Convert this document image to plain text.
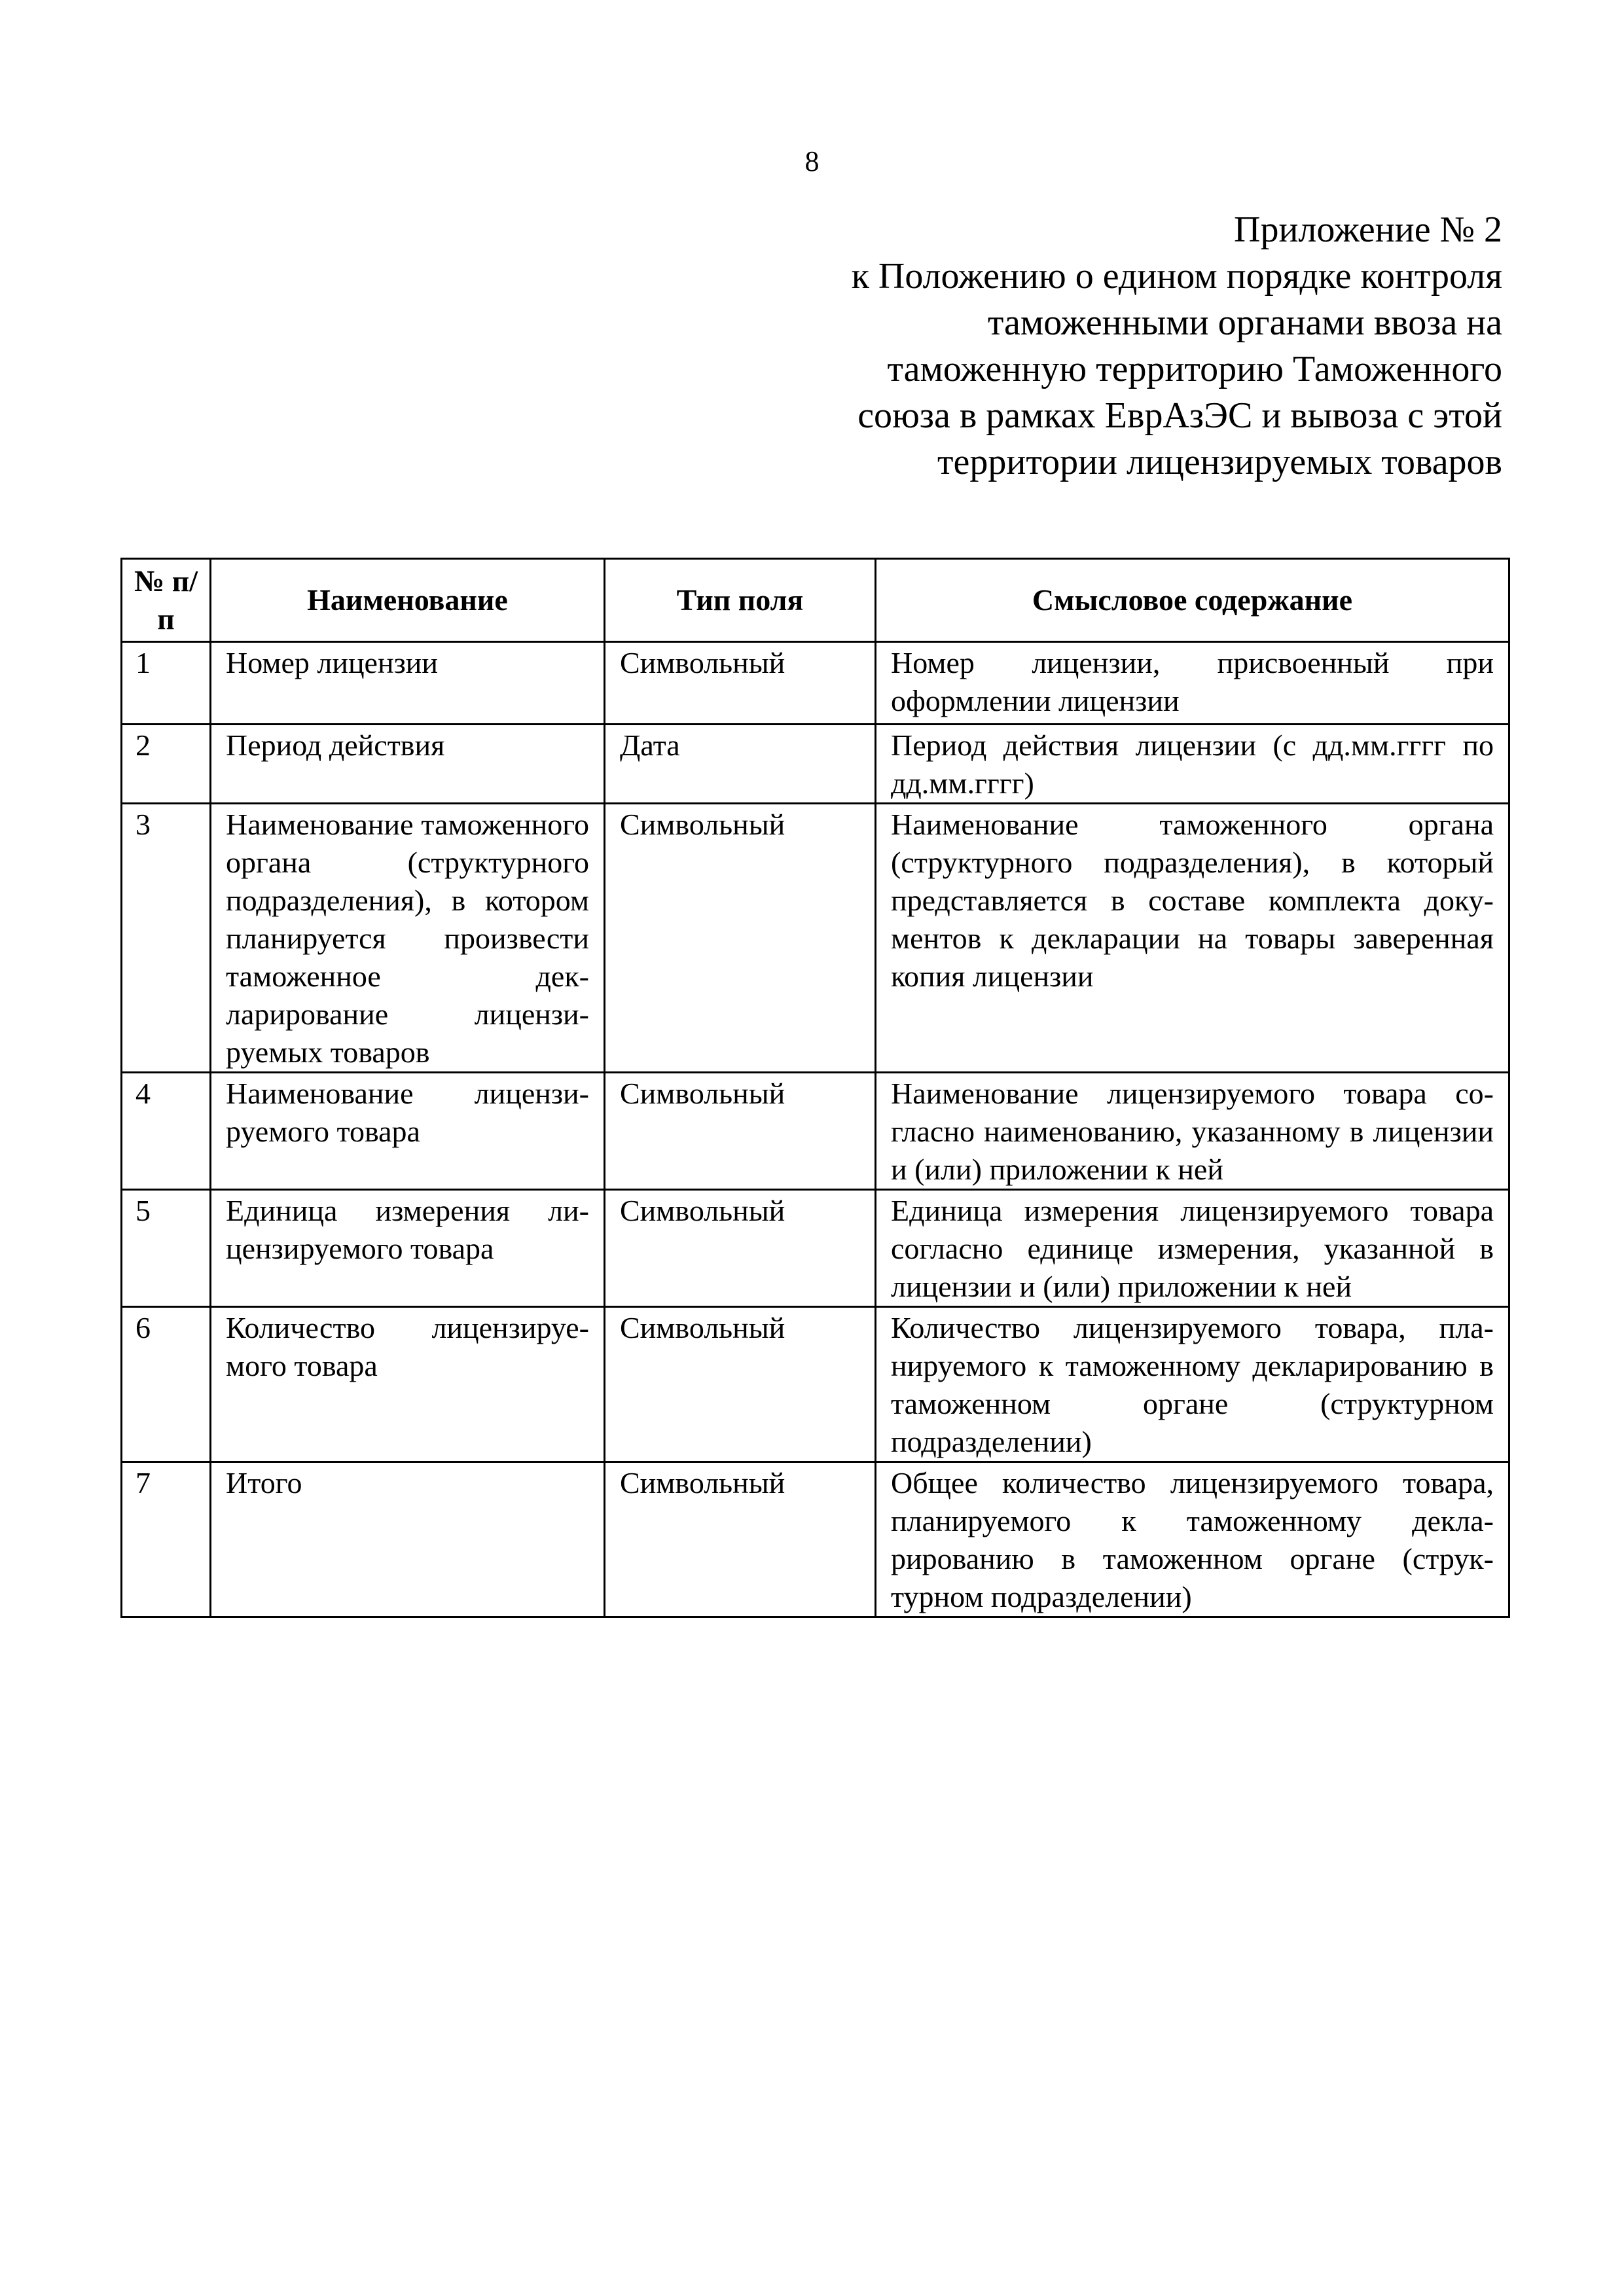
8
Приложение № 2
к Положению о едином порядке контроля
таможенными органами ввоза на
таможенную территорию Таможенного
союза в рамках ЕврАзЭС и вывоза с этой
территории лицензируемых товаров
№ п/п	Наименование	Тип поля	Смысловое содержание
1	Номер лицензии	Символьный	Номер лицензии, присвоенный при оформлении лицензии
2	Период действия	Дата	Период действия лицензии (с дд.мм.гггг по дд.мм.гггг)
3	Наименование таможенного органа (структурного подразделения), в котором планируется произвести таможенное декларирование лицензируемых товаров	Символьный	Наименование таможенного органа (структурного подразделения), в который представляется в составе комплекта документов к декларации на товары заверенная копия лицензии
4	Наименование лицензируемого товара	Символьный	Наименование лицензируемого товара согласно наименованию, указанному в лицензии и (или) приложении к ней
5	Единица измерения лицензируемого товара	Символьный	Единица измерения лицензируемого товара согласно единице измерения, указанной в лицензии и (или) приложении к ней
6	Количество лицензируемого товара	Символьный	Количество лицензируемого товара, планируемого к таможенному декларированию в таможенном органе (структурном подразделении)
7	Итого	Символьный	Общее количество лицензируемого товара, планируемого к таможенному декларированию в таможенном органе (структурном подразделении)
